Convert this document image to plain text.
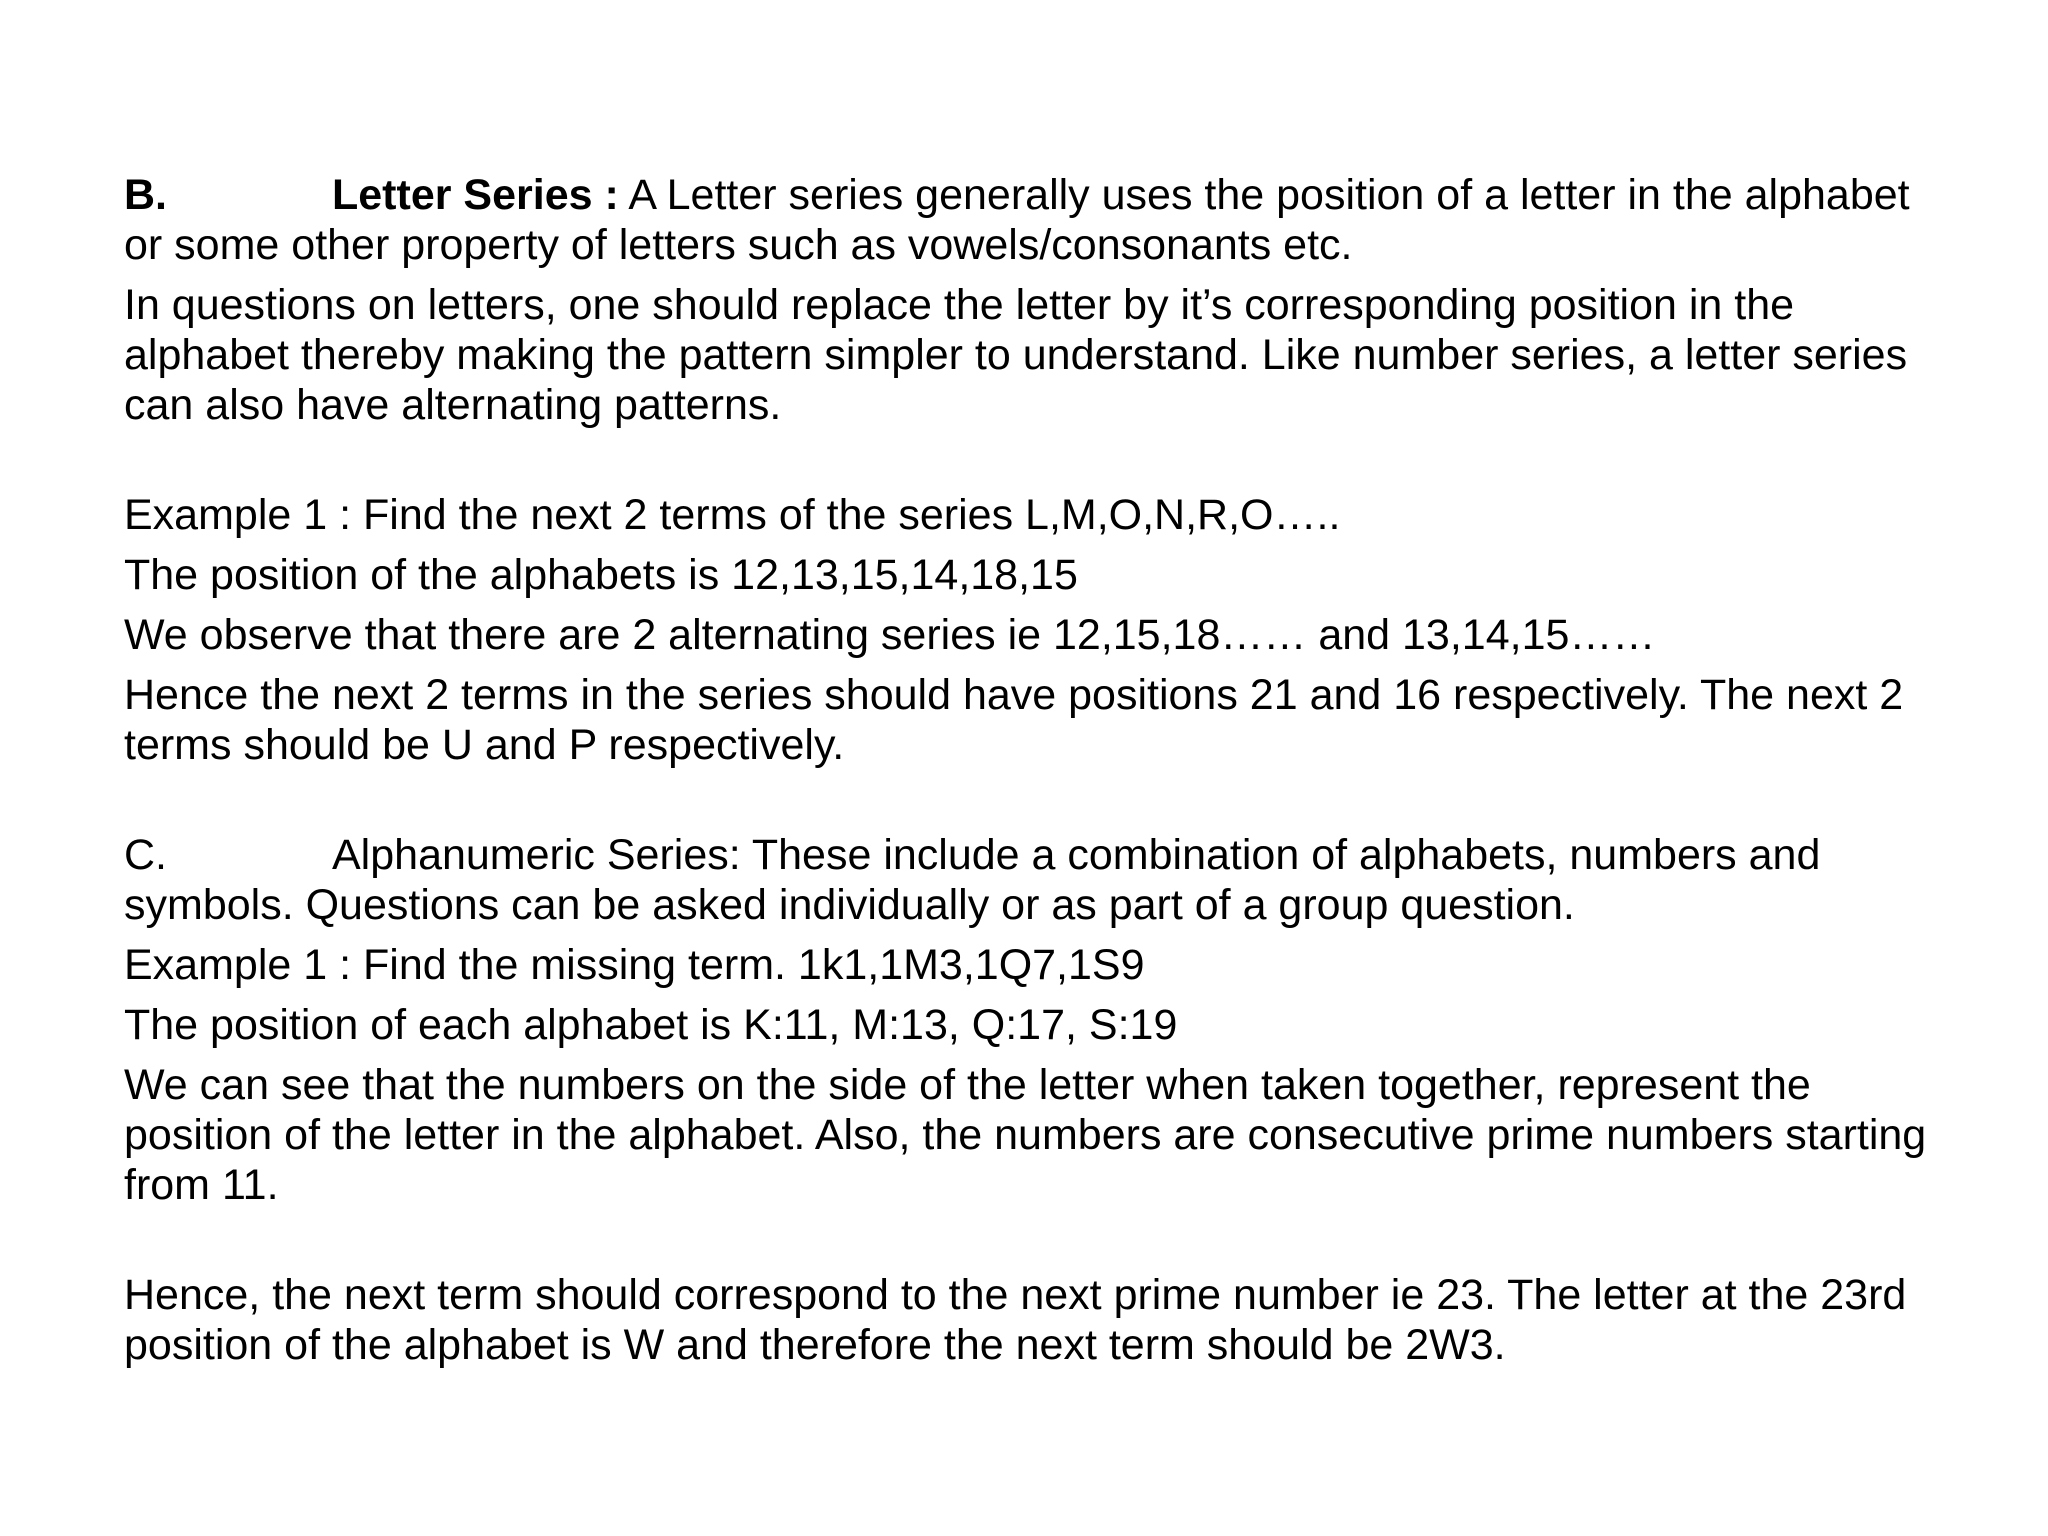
B.	Letter Series : A Letter series generally uses the position of a letter in the alphabet or some other property of letters such as vowels/consonants etc.

In questions on letters, one should replace the letter by it’s corresponding position in the alphabet thereby making the pattern simpler to understand. Like number series, a letter series can also have alternating patterns.

Example 1 : Find the next 2 terms of the series L,M,O,N,R,O…..

The position of the alphabets is 12,13,15,14,18,15

We observe that there are 2 alternating series ie 12,15,18…… and 13,14,15……

Hence the next 2 terms in the series should have positions 21 and 16 respectively. The next 2 terms should be U and P respectively.

C.	Alphanumeric Series: These include a combination of alphabets, numbers and symbols. Questions can be asked individually or as part of a group question.

Example 1 : Find the missing term. 1k1,1M3,1Q7,1S9

The position of each alphabet is K:11, M:13, Q:17, S:19

We can see that the numbers on the side of the letter when taken together, represent the position of the letter in the alphabet. Also, the numbers are consecutive prime numbers starting from 11.

Hence, the next term should correspond to the next prime number ie 23. The letter at the 23rd position of the alphabet is W and therefore the next term should be 2W3.
